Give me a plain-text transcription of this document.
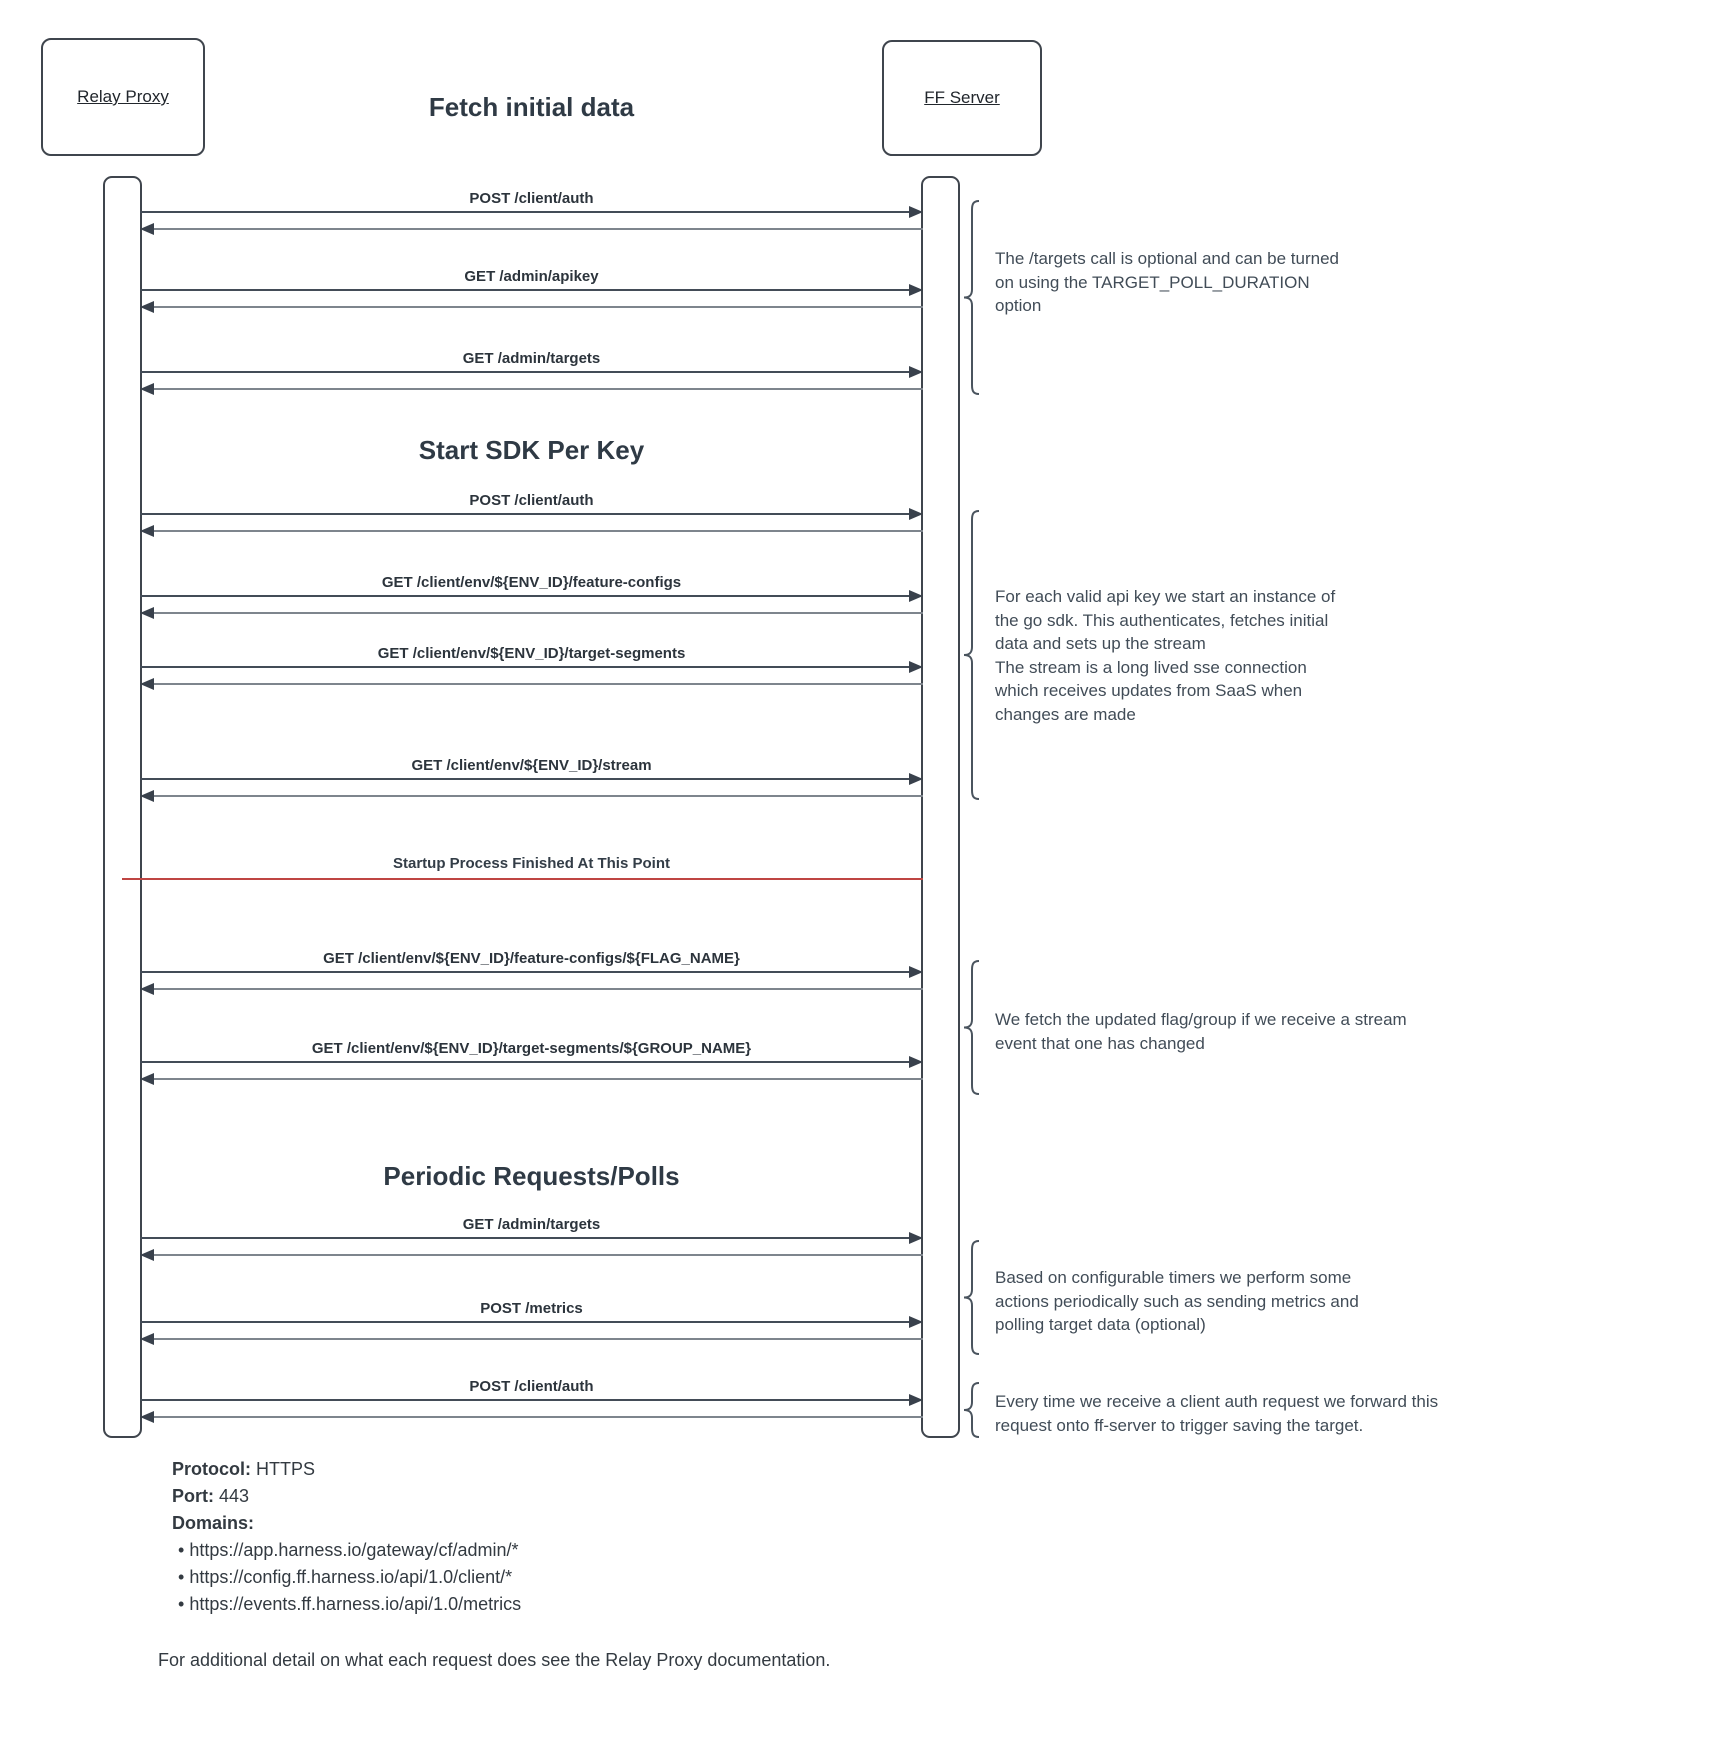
Relay Proxy	FF Server
Fetch initial data
POST /client/auth
GET /admin/apikey
GET /admin/targets
Start SDK Per Key
POST /client/auth
GET /client/env/${ENV_ID}/feature-configs
GET /client/env/${ENV_ID}/target-segments
GET /client/env/${ENV_ID}/stream
Startup Process Finished At This Point
GET /client/env/${ENV_ID}/feature-configs/${FLAG_NAME}
GET /client/env/${ENV_ID}/target-segments/${GROUP_NAME}
Periodic Requests/Polls
GET /admin/targets
POST /metrics
POST /client/auth
The /targets call is optional and can be turned
on using the TARGET_POLL_DURATION
option
For each valid api key we start an instance of
the go sdk. This authenticates, fetches initial
data and sets up the stream
The stream is a long lived sse connection
which receives updates from SaaS when
changes are made
We fetch the updated flag/group if we receive a stream
event that one has changed
Based on configurable timers we perform some
actions periodically such as sending metrics and
polling target data (optional)
Every time we receive a client auth request we forward this
request onto ff-server to trigger saving the target.
Protocol: HTTPS
Port: 443
Domains:
• https://app.harness.io/gateway/cf/admin/*
• https://config.ff.harness.io/api/1.0/client/*
• https://events.ff.harness.io/api/1.0/metrics
For additional detail on what each request does see the Relay Proxy documentation.
